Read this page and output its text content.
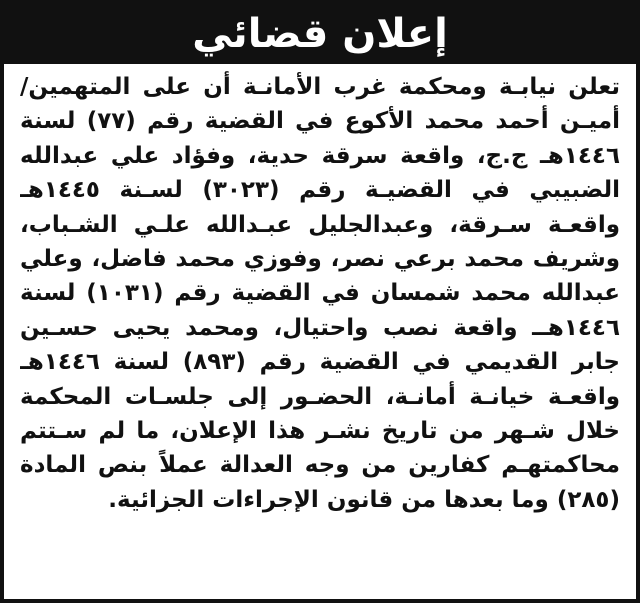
إعلان قضائي
تعلن نيابـة ومحكمة غرب الأمانـة أن على المتهمين/
أميـن أحمد محمد الأكوع في القضية رقم (٧٧) لسنة
١٤٤٦هـ ج.ج، واقعة سرقة حدية، وفؤاد علي عبدالله
الضبيبي في القضيـة رقم (٣٠٢٣) لسـنة ١٤٤٥هـ
واقعـة سـرقة، وعبدالجليل عبـدالله علـي الشـباب،
وشريف محمد برعي نصر، وفوزي محمد فاضل، وعلي
عبدالله محمد شمسان في القضية رقم (١٠٣١) لسنة
١٤٤٦هــ واقعة نصب واحتيال، ومحمد يحيى حسـين
جابر القديمي في القضية رقم (٨٩٣) لسنة ١٤٤٦هـ
واقعـة خيانـة أمانـة، الحضـور إلى جلسـات المحكمة
خلال شـهر من تاريخ نشـر هذا الإعلان، ما لم سـتتم
محاكمتهـم كفارين من وجه العدالة عملاً بنص المادة
(٢٨٥) وما بعدها من قانون الإجراءات الجزائية.
